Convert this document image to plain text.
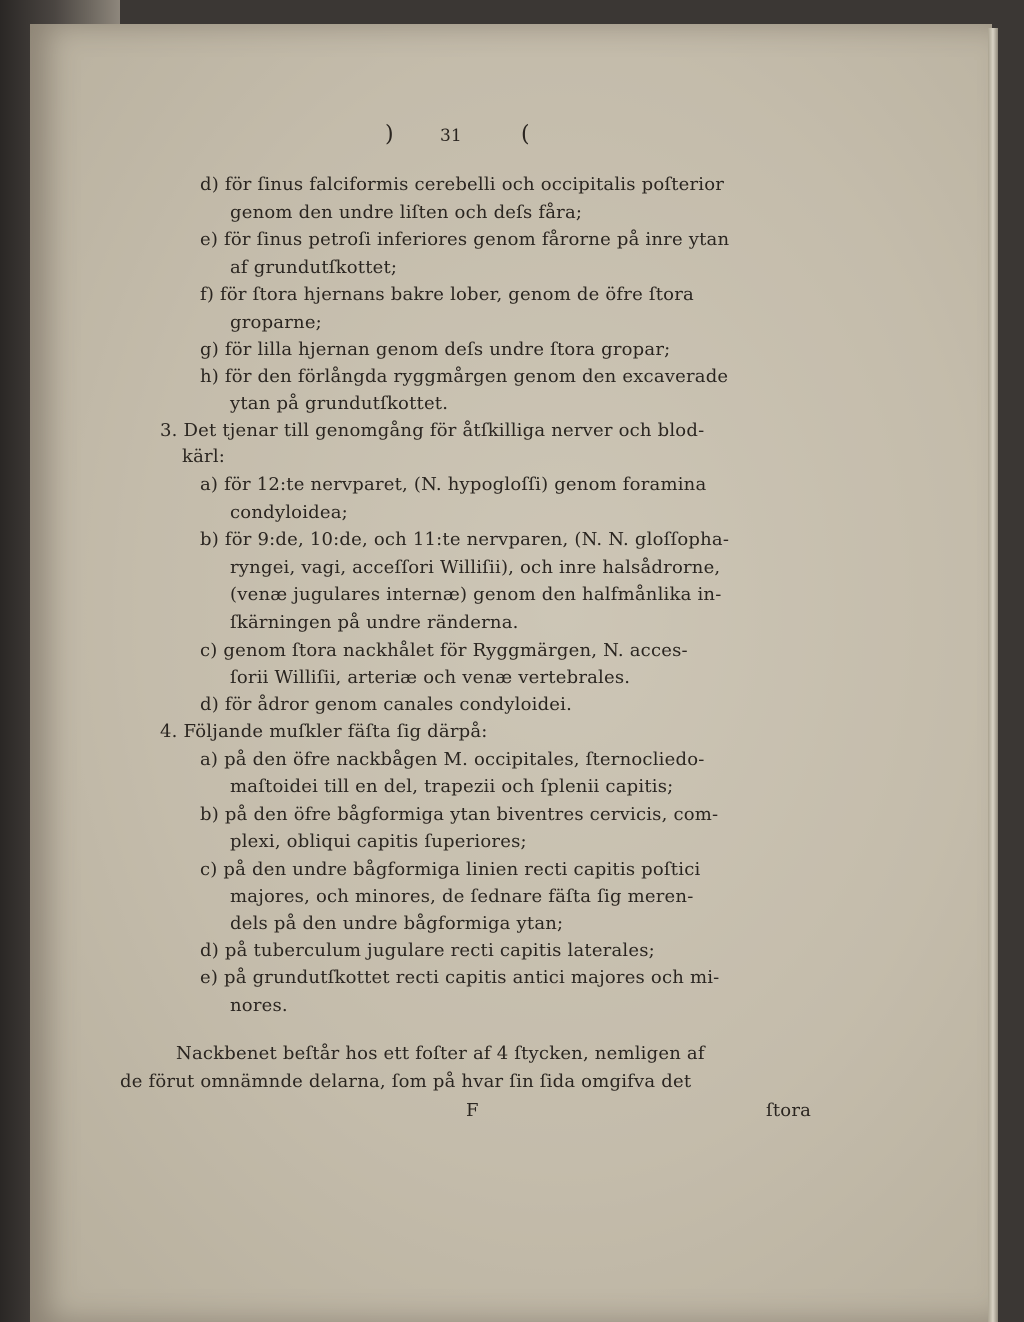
)	31	(
d) för ſinus falciformis cerebelli och occipitalis poſterior
genom den undre liſten och deſs fåra;
e) för ſinus petroſi inferiores genom fårorne på inre ytan
af grundutſkottet;
f) för ſtora hjernans bakre lober, genom de öfre ſtora
groparne;
g) för lilla hjernan genom deſs undre ſtora gropar;
h) för den förlångda ryggmårgen genom den excaverade
ytan på grundutſkottet.
3. Det tjenar till genomgång för åtſkilliga nerver och blod-
kärl:
a) för 12:te nervparet, (N. hypogloſſi) genom foramina
condyloidea;
b) för 9:de, 10:de, och 11:te nervparen, (N. N. gloſſopha-
ryngei, vagi, acceſſori Williſii), och inre halsådrorne,
(venæ jugulares internæ) genom den halfmånlika in-
ſkärningen på undre ränderna.
c) genom ſtora nackhålet för Ryggmärgen, N. acces-
ſorii Williſii, arteriæ och venæ vertebrales.
d) för ådror genom canales condyloidei.
4. Följande muſkler fäſta ſig därpå:
a) på den öfre nackbågen M. occipitales, ſternocliedo-
maſtoidei till en del, trapezii och ſplenii capitis;
b) på den öfre bågformiga ytan biventres cervicis, com-
plexi, obliqui capitis ſuperiores;
c) på den undre bågformiga linien recti capitis poſtici
majores, och minores, de ſednare fäſta ſig meren-
dels på den undre bågformiga ytan;
d) på tuberculum jugulare recti capitis laterales;
e) på grundutſkottet recti capitis antici majores och mi-
nores.
Nackbenet beſtår hos ett foſter af 4 ſtycken, nemligen af
de förut omnämnde delarna, ſom på hvar ſin ſida omgifva det
F	ſtora
